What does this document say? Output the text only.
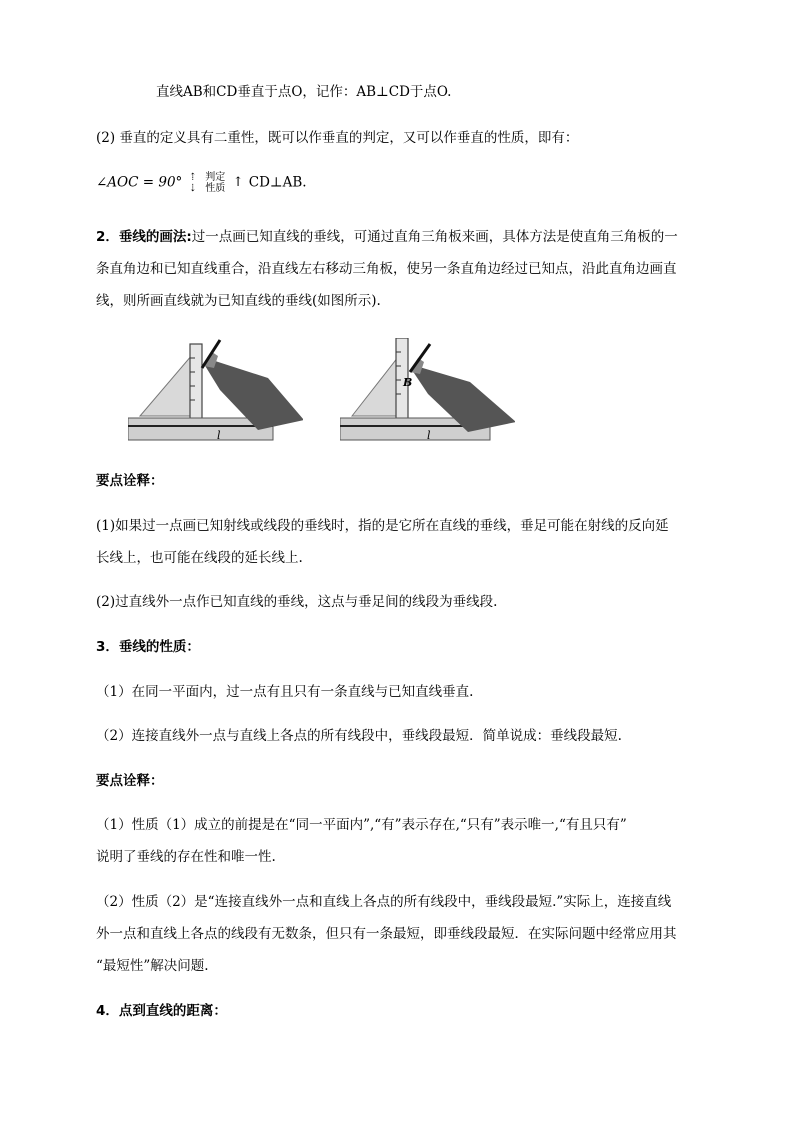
直线AB和CD垂直于点O，记作：AB⊥CD于点O.
(2) 垂直的定义具有二重性，既可以作垂直的判定，又可以作垂直的性质，即有：
∠AOC = 90° ⇡
⇣ 判定
性质 ↑ CD⊥AB.
2．垂线的画法:过一点画已知直线的垂线，可通过直角三角板来画，具体方法是使直角三角板的一
条直角边和已知直线重合，沿直线左右移动三角板，使另一条直角边经过已知点，沿此直角边画直
线，则所画直线就为已知直线的垂线(如图所示).
l
B
l
要点诠释：
(1)如果过一点画已知射线或线段的垂线时，指的是它所在直线的垂线，垂足可能在射线的反向延
长线上，也可能在线段的延长线上.
(2)过直线外一点作已知直线的垂线，这点与垂足间的线段为垂线段.
3．垂线的性质：
（1）在同一平面内，过一点有且只有一条直线与已知直线垂直.
（2）连接直线外一点与直线上各点的所有线段中，垂线段最短．简单说成：垂线段最短.
要点诠释：
（1）性质（1）成立的前提是在“同一平面内”,“有”表示存在,“只有”表示唯一,“有且只有”
说明了垂线的存在性和唯一性.
（2）性质（2）是“连接直线外一点和直线上各点的所有线段中，垂线段最短.”实际上，连接直线
外一点和直线上各点的线段有无数条，但只有一条最短，即垂线段最短．在实际问题中经常应用其
“最短性”解决问题.
4．点到直线的距离：
